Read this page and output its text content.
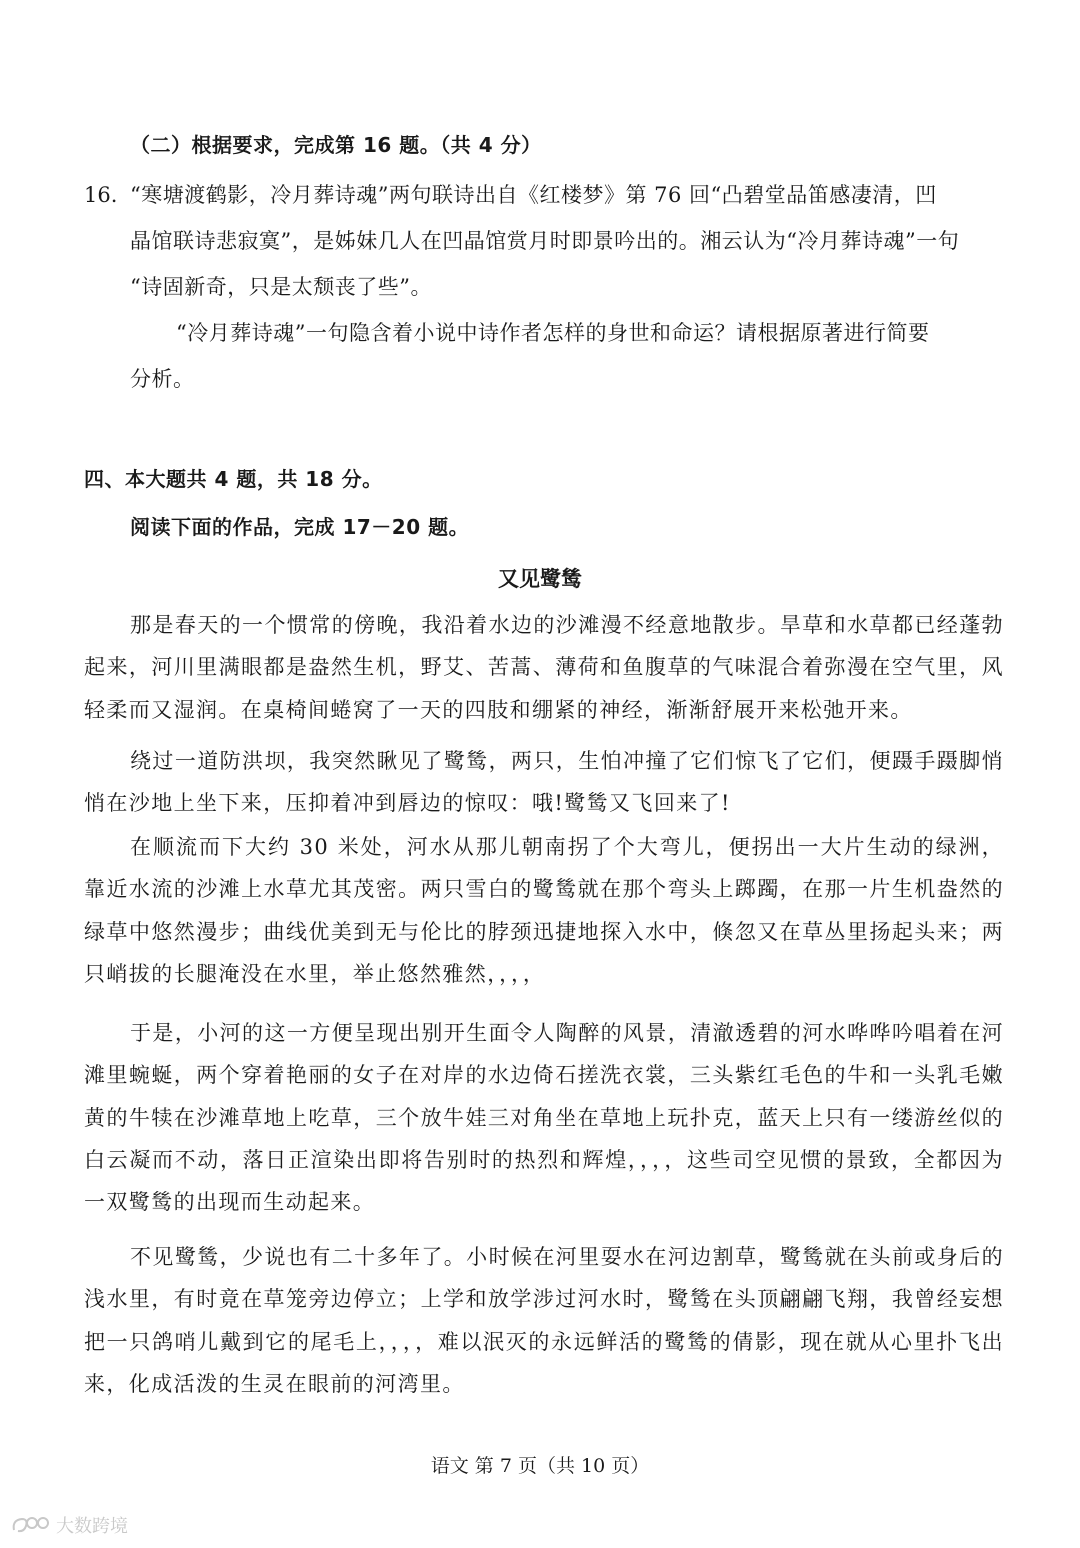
（二）根据要求，完成第 16 题。（共 4 分）
16. “寒塘渡鹤影，冷月葬诗魂”两句联诗出自《红楼梦》第 76 回“凸碧堂品笛感凄清，凹
晶馆联诗悲寂寞”，是姊妹几人在凹晶馆赏月时即景吟出的。湘云认为“冷月葬诗魂”一句
“诗固新奇，只是太颓丧了些”。
“冷月葬诗魂”一句隐含着小说中诗作者怎样的身世和命运？请根据原著进行简要
分析。
四、本大题共 4 题，共 18 分。
阅读下面的作品，完成 17－20 题。
又见鹭鸶
那是春天的一个惯常的傍晚，我沿着水边的沙滩漫不经意地散步。旱草和水草都已经蓬勃起来，河川里满眼都是盎然生机，野艾、苦蒿、薄荷和鱼腹草的气味混合着弥漫在空气里，风轻柔而又湿润。在桌椅间蜷窝了一天的四肢和绷紧的神经，渐渐舒展开来松弛开来。
绕过一道防洪坝，我突然瞅见了鹭鸶，两只，生怕冲撞了它们惊飞了它们，便蹑手蹑脚悄悄在沙地上坐下来，压抑着冲到唇边的惊叹：哦!鹭鸶又飞回来了!
在顺流而下大约 30 米处，河水从那儿朝南拐了个大弯儿，便拐出一大片生动的绿洲，靠近水流的沙滩上水草尤其茂密。两只雪白的鹭鸶就在那个弯头上踯躅，在那一片生机盎然的绿草中悠然漫步；曲线优美到无与伦比的脖颈迅捷地探入水中，倏忽又在草丛里扬起头来；两只峭拔的长腿淹没在水里，举止悠然雅然，，，，
于是，小河的这一方便呈现出别开生面令人陶醉的风景，清澈透碧的河水哗哗吟唱着在河滩里蜿蜒，两个穿着艳丽的女子在对岸的水边倚石搓洗衣裳，三头紫红毛色的牛和一头乳毛嫩黄的牛犊在沙滩草地上吃草，三个放牛娃三对角坐在草地上玩扑克，蓝天上只有一缕游丝似的白云凝而不动，落日正渲染出即将告别时的热烈和辉煌，，，，这些司空见惯的景致，全都因为一双鹭鸶的出现而生动起来。
不见鹭鸶，少说也有二十多年了。小时候在河里耍水在河边割草，鹭鸶就在头前或身后的浅水里，有时竟在草笼旁边停立；上学和放学涉过河水时，鹭鸶在头顶翩翩飞翔，我曾经妄想把一只鸽哨儿戴到它的尾毛上，，，，难以泯灭的永远鲜活的鹭鸶的倩影，现在就从心里扑飞出来，化成活泼的生灵在眼前的河湾里。
语文 第 7 页（共 10 页）
大数跨境
